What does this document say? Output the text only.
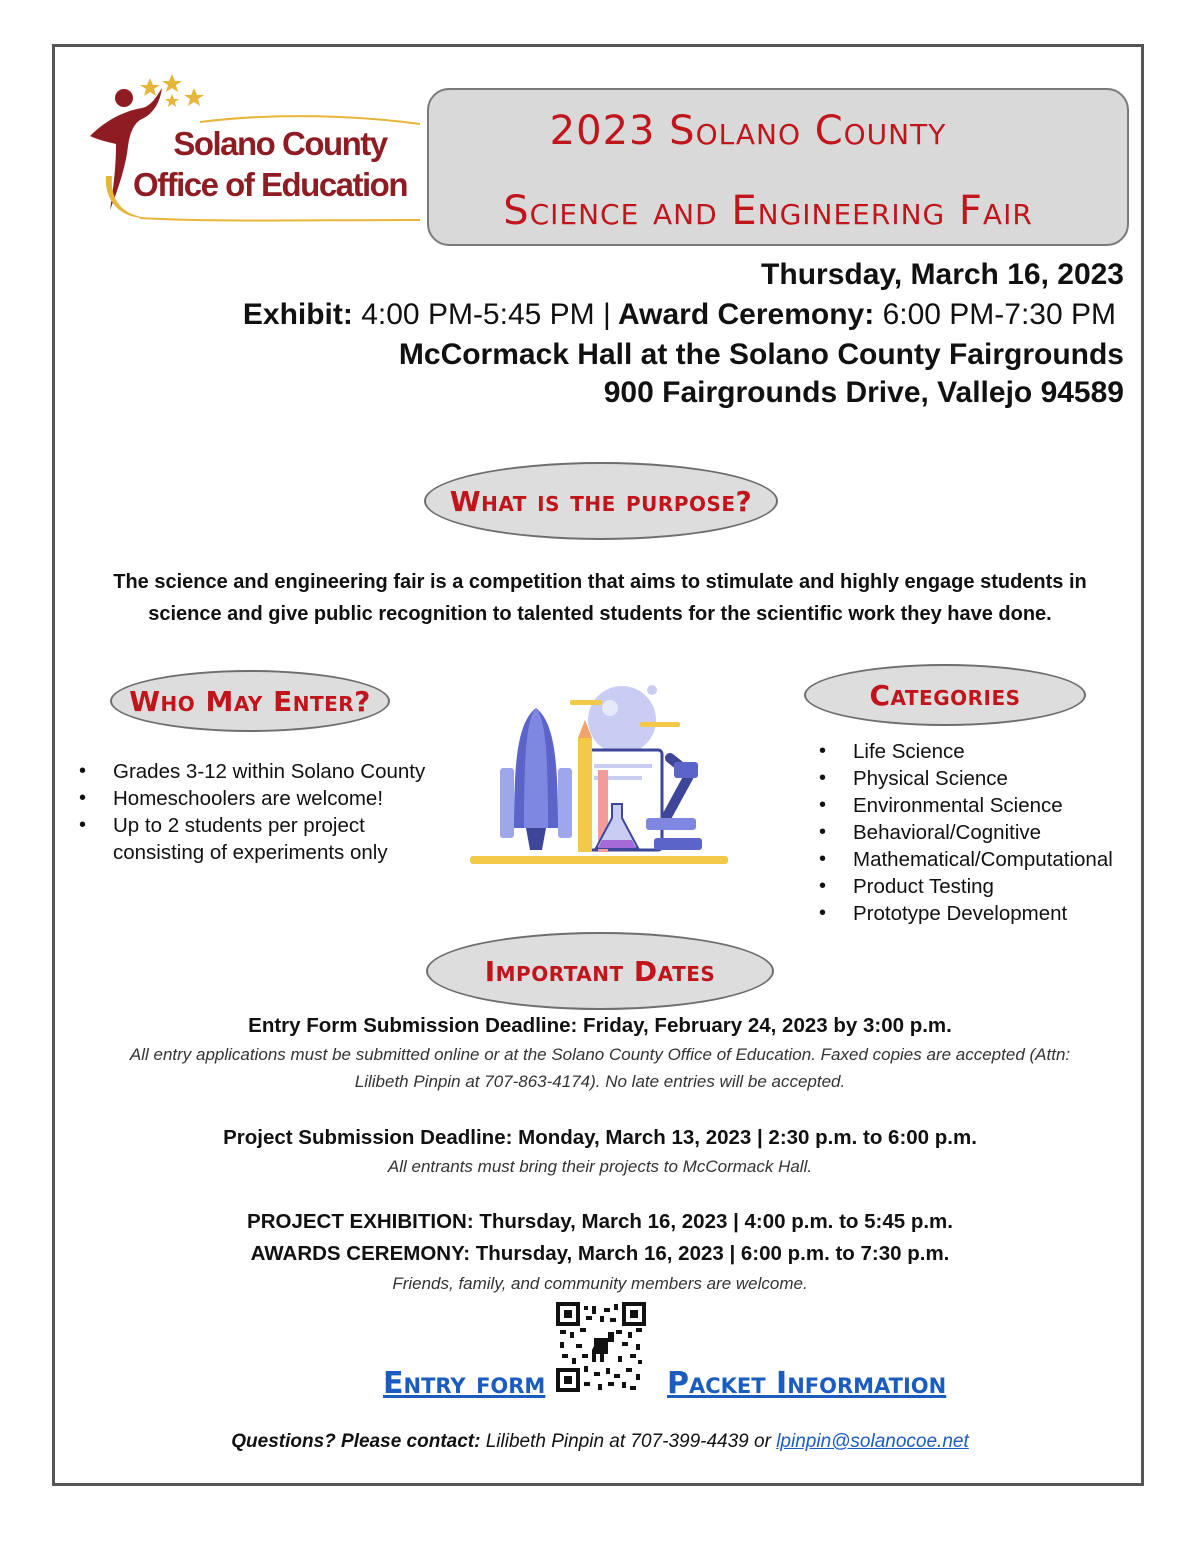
Solano County
Office of Education
2023 Solano County
Science and Engineering Fair
Thursday, March 16, 2023
Exhibit: 4:00 PM-5:45 PM | Award Ceremony: 6:00 PM-7:30 PM
McCormack Hall at the Solano County Fairgrounds
900 Fairgrounds Drive, Vallejo 94589
What is the purpose?
The science and engineering fair is a competition that aims to stimulate and highly engage students in science and give public recognition to talented students for the scientific work they have done.
Who May Enter?
• Grades 3-12 within Solano County
• Homeschoolers are welcome!
• Up to 2 students per project consisting of experiments only
Categories
• Life Science
• Physical Science
• Environmental Science
• Behavioral/Cognitive
• Mathematical/Computational
• Product Testing
• Prototype Development
Important Dates
Entry Form Submission Deadline: Friday, February 24, 2023 by 3:00 p.m.
All entry applications must be submitted online or at the Solano County Office of Education. Faxed copies are accepted (Attn: Lilibeth Pinpin at 707-863-4174). No late entries will be accepted.
Project Submission Deadline: Monday, March 13, 2023 | 2:30 p.m. to 6:00 p.m.
All entrants must bring their projects to McCormack Hall.
PROJECT EXHIBITION: Thursday, March 16, 2023 | 4:00 p.m. to 5:45 p.m.
AWARDS CEREMONY: Thursday, March 16, 2023 | 6:00 p.m. to 7:30 p.m.
Friends, family, and community members are welcome.
Entry form	Packet Information
Questions? Please contact: Lilibeth Pinpin at 707-399-4439 or lpinpin@solanocoe.net
